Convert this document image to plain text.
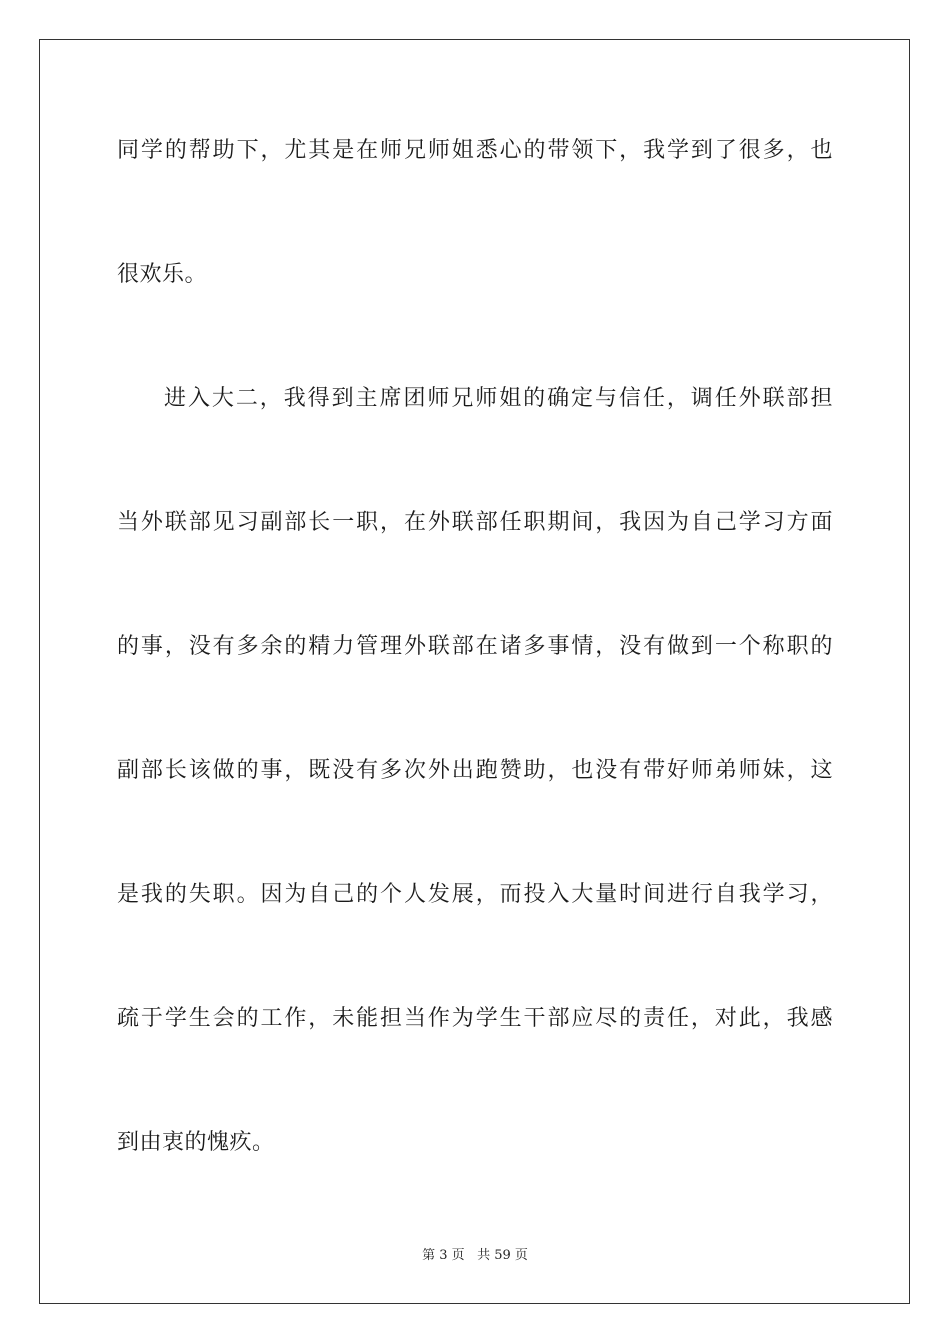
同学的帮助下，尤其是在师兄师姐悉心的带领下，我学到了很多，也
很欢乐。
进入大二，我得到主席团师兄师姐的确定与信任，调任外联部担
当外联部见习副部长一职，在外联部任职期间，我因为自己学习方面
的事，没有多余的精力管理外联部在诸多事情，没有做到一个称职的
副部长该做的事，既没有多次外出跑赞助，也没有带好师弟师妹，这
是我的失职。因为自己的个人发展，而投入大量时间进行自我学习，
疏于学生会的工作，未能担当作为学生干部应尽的责任，对此，我感
到由衷的愧疚。
第 3 页 共 59 页
